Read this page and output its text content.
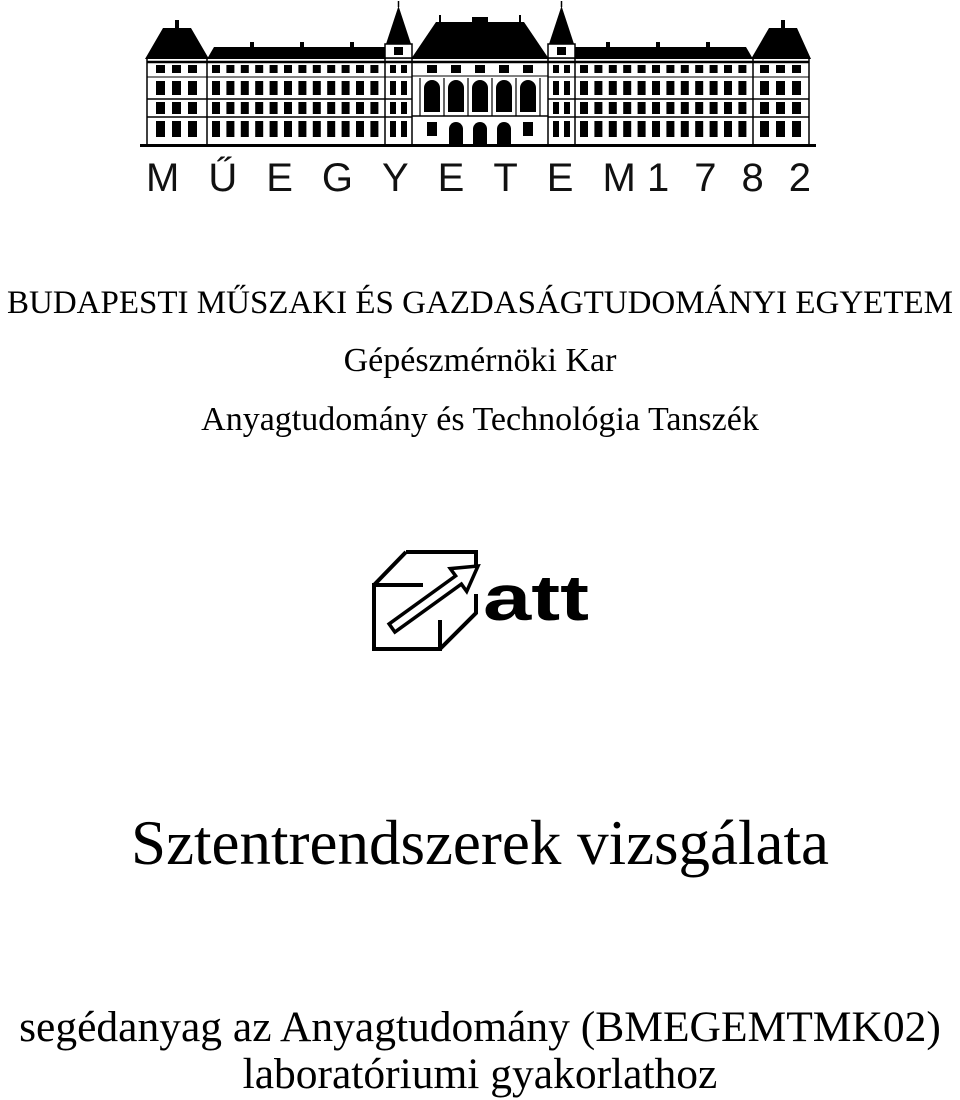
MŰEGYETEM
1782
BUDAPESTI MŰSZAKI ÉS GAZDASÁGTUDOMÁNYI EGYETEM
Gépészmérnöki Kar
Anyagtudomány és Technológia Tanszék
att
Sztentrendszerek vizsgálata
segédanyag az Anyagtudomány (BMEGEMTMK02)
laboratóriumi gyakorlathoz
